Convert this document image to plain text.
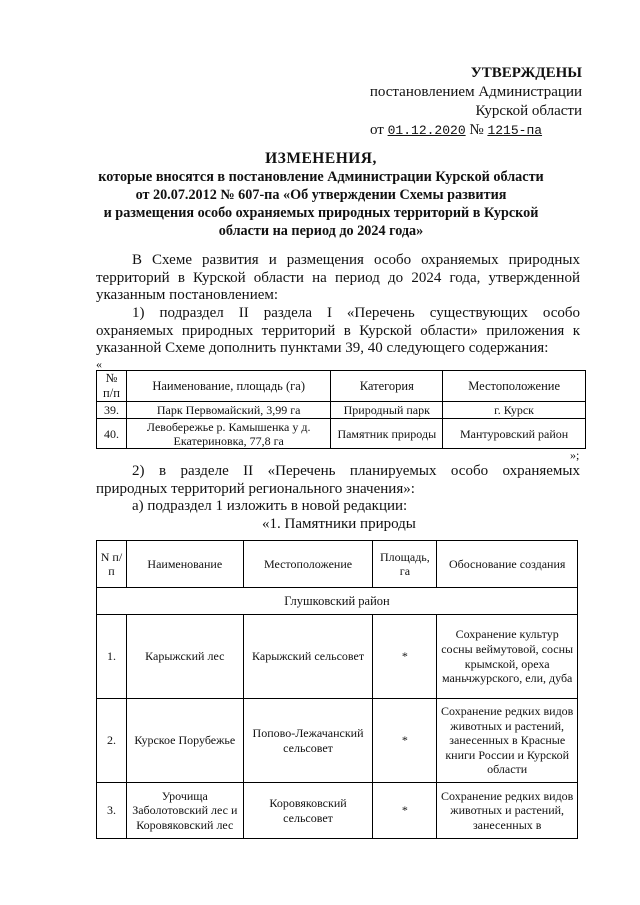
УТВЕРЖДЕНЫ
постановлением Администрации
Курской области
от 01.12.2020 № 1215-па
ИЗМЕНЕНИЯ,
которые вносятся в постановление Администрации Курской области
от 20.07.2012 № 607-па «Об утверждении Схемы развития
и размещения особо охраняемых природных территорий в Курской
области на период до 2024 года»
В Схеме развития и размещения особо охраняемых природных территорий в Курской области на период до 2024 года, утвержденной указанным постановлением:
1) подраздел II раздела I «Перечень существующих особо охраняемых природных территорий в Курской области» приложения к указанной Схеме дополнить пунктами 39, 40 следующего содержания:
«
№ п/п	Наименование, площадь (га)	Категория	Местоположение
39.	Парк Первомайский, 3,99 га	Природный парк	г. Курск
40.	Левобережье р. Камышенка у д. Екатериновка, 77,8 га	Памятник природы	Мантуровский район
»;
2) в разделе II «Перечень планируемых особо охраняемых природных территорий регионального значения»:
а) подраздел 1 изложить в новой редакции:
«1. Памятники природы
N п/п	Наименование	Местоположение	Площадь, га	Обоснование создания
Глушковский район				
1.	Карыжский лес	Карыжский сельсовет	*	Сохранение культур сосны веймутовой, сосны крымской, ореха маньчжурского, ели, дуба
2.	Курское Порубежье	Попово-Лежачанский сельсовет	*	Сохранение редких видов животных и растений, занесенных в Красные книги России и Курской области
3.	Урочища Заболотовский лес и Коровяковский лес	Коровяковский сельсовет	*	Сохранение редких видов животных и растений, занесенных в
